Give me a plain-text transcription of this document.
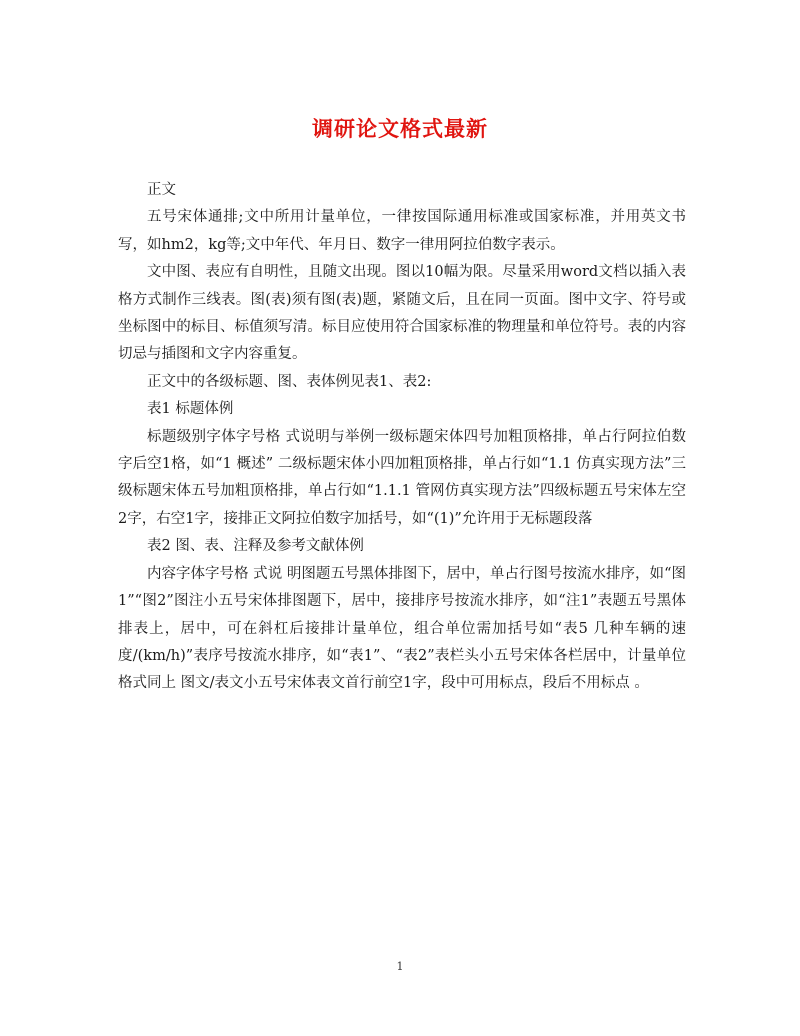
调研论文格式最新

正文

五号宋体通排;文中所用计量单位，一律按国际通用标准或国家标准，并用英文书写，如hm2，kg等;文中年代、年月日、数字一律用阿拉伯数字表示。

文中图、表应有自明性，且随文出现。图以10幅为限。尽量采用word文档以插入表格方式制作三线表。图(表)须有图(表)题，紧随文后，且在同一页面。图中文字、符号或坐标图中的标目、标值须写清。标目应使用符合国家标准的物理量和单位符号。表的内容切忌与插图和文字内容重复。

正文中的各级标题、图、表体例见表1、表2:

表1 标题体例

标题级别字体字号格 式说明与举例一级标题宋体四号加粗顶格排，单占行阿拉伯数字后空1格，如“1 概述” 二级标题宋体小四加粗顶格排，单占行如“1.1 仿真实现方法”三级标题宋体五号加粗顶格排，单占行如“1.1.1 管网仿真实现方法”四级标题五号宋体左空2字，右空1字，接排正文阿拉伯数字加括号，如“(1)”允许用于无标题段落

表2 图、表、注释及参考文献体例

内容字体字号格 式说 明图题五号黑体排图下，居中，单占行图号按流水排序，如“图1”“图2”图注小五号宋体排图题下，居中，接排序号按流水排序，如“注1”表题五号黑体排表上，居中，可在斜杠后接排计量单位，组合单位需加括号如“表5 几种车辆的速度/(km/h)”表序号按流水排序，如“表1”、“表2”表栏头小五号宋体各栏居中，计量单位格式同上 图文/表文小五号宋体表文首行前空1字，段中可用标点，段后不用标点 。

1
